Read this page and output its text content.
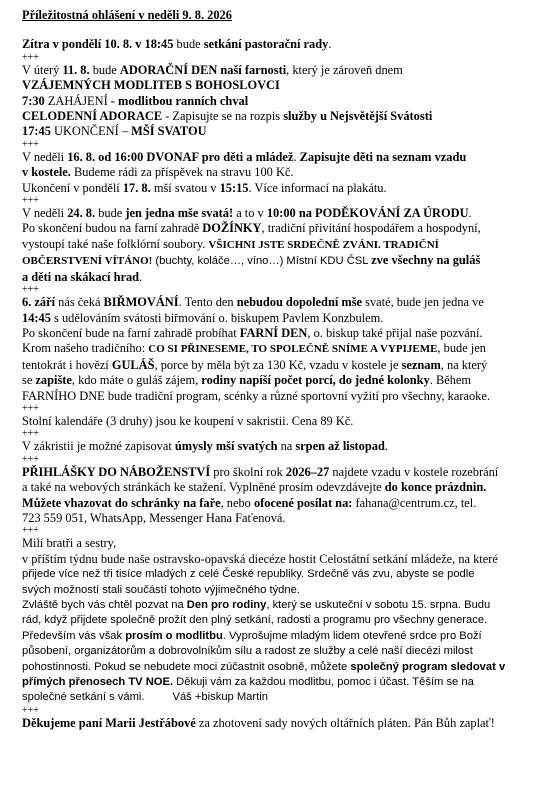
Příležitostná ohlášení v neděli 9. 8. 2026
Zítra v pondělí 10. 8. v 18:45 bude setkání pastorační rady.
+++
V úterý 11. 8. bude ADORAČNÍ DEN naší farnosti, který je zároveň dnem
VZÁJEMNÝCH MODLITEB S BOHOSLOVCI
7:30 ZAHÁJENÍ - modlitbou ranních chval
CELODENNÍ ADORACE - Zapisujte se na rozpis služby u Nejsvětější Svátosti
17:45 UKONČENÍ – MŠÍ SVATOU
+++
V neděli 16. 8. od 16:00 DVONAF pro děti a mládež. Zapisujte děti na seznam vzadu
v kostele. Budeme rádi za příspěvek na stravu 100 Kč.
Ukončení v pondělí 17. 8. mší svatou v 15:15. Více informací na plakátu.
+++
V neděli 24. 8. bude jen jedna mše svatá! a to v 10:00 na PODĚKOVÁNÍ ZA ÚRODU.
Po skončení budou na farní zahradě DOŽÍNKY, tradiční přivítání hospodářem a hospodyní,
vystoupí také naše folklórní soubory. VŠICHNI JSTE SRDEČNĚ ZVÁNI. TRADIČNÍ
OBČERSTVENÍ VÍTÁNO! (buchty, koláče…, víno…) Místní KDU ČSL zve všechny na guláš
a děti na skákací hrad.
+++
6. září nás čeká BIŘMOVÁNÍ. Tento den nebudou dopolední mše svaté, bude jen jedna ve
14:45 s udělováním svátosti biřmování o. biskupem Pavlem Konzbulem.
Po skončení bude na farní zahradě probíhat FARNÍ DEN, o. biskup také přijal naše pozvání.
Krom našeho tradičního: CO SI PŘINESEME, TO SPOLEČNĚ SNÍME A VYPIJEME, bude jen
tentokrát i hovězí GULÁŠ, porce by měla být za 130 Kč, vzadu v kostele je seznam, na který
se zapište, kdo máte o guláš zájem, rodiny napíší počet porcí, do jedné kolonky. Během
FARNÍHO DNE bude tradiční program, scénky a různé sportovní vyžití pro všechny, karaoke.
+++
Stolní kalendáře (3 druhy) jsou ke koupení v sakristii. Cena 89 Kč.
+++
V zákristii je možné zapisovat úmysly mší svatých na srpen až listopad.
+++
PŘIHLÁŠKY DO NÁBOŽENSTVÍ pro školní rok 2026–27 najdete vzadu v kostele rozebrání
a také na webových stránkách ke stažení. Vyplněné prosím odevzdávejte do konce prázdnin.
Můžete vhazovat do schránky na faře, nebo ofocené posílat na: fahana@centrum.cz, tel.
723 559 051, WhatsApp, Messenger Hana Faťenová.
+++
Milí bratři a sestry,
v příštím týdnu bude naše ostravsko-opavská diecéze hostit Celostátní setkání mládeže, na které
přijede více než tři tisíce mladých z celé České republiky. Srdečně vás zvu, abyste se podle
svých možností stali součástí tohoto výjimečného týdne.
Zvláště bych vás chtěl pozvat na Den pro rodiny, který se uskuteční v sobotu 15. srpna. Budu
rád, když přijdete společně prožít den plný setkání, radosti a programu pro všechny generace.
Především vás však prosím o modlitbu. Vyprošujme mladým lidem otevřené srdce pro Boží
působení, organizátorům a dobrovolníkům sílu a radost ze služby a celé naší diecézi milost
pohostinnosti. Pokud se nebudete moci zúčastnit osobně, můžete společný program sledovat v
přímých přenosech TV NOE. Děkuji vám za každou modlitbu, pomoc i účast. Těším se na
společné setkání s vámi.	Váš +biskup Martin
+++
Děkujeme paní Marii Jestřábové za zhotovení sady nových oltářních pláten. Pán Bůh zaplať!
